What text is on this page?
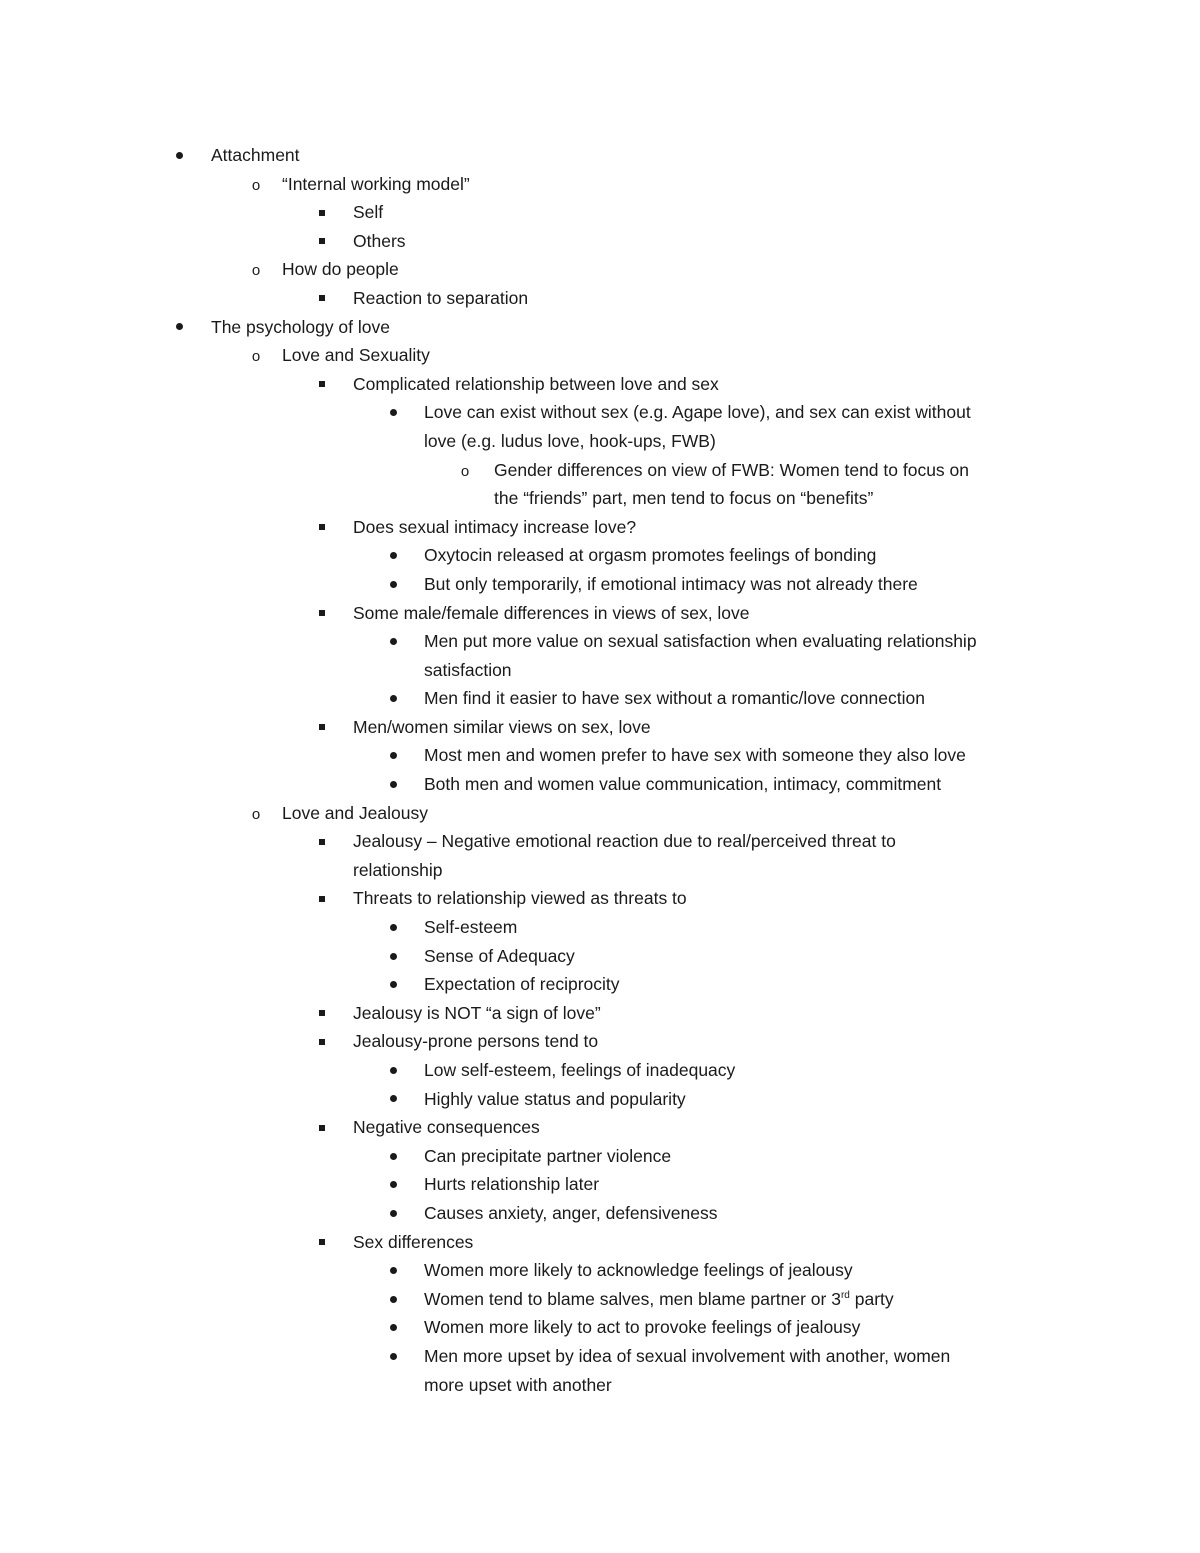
Attachment
o
“Internal working model”
Self
Others
o
How do people
Reaction to separation
The psychology of love
o
Love and Sexuality
Complicated relationship between love and sex
Love can exist without sex (e.g. Agape love), and sex can exist without
love (e.g. ludus love, hook-ups, FWB)
o
Gender differences on view of FWB: Women tend to focus on
the “friends” part, men tend to focus on “benefits”
Does sexual intimacy increase love?
Oxytocin released at orgasm promotes feelings of bonding
But only temporarily, if emotional intimacy was not already there
Some male/female differences in views of sex, love
Men put more value on sexual satisfaction when evaluating relationship
satisfaction
Men find it easier to have sex without a romantic/love connection
Men/women similar views on sex, love
Most men and women prefer to have sex with someone they also love
Both men and women value communication, intimacy, commitment
o
Love and Jealousy
Jealousy – Negative emotional reaction due to real/perceived threat to
relationship
Threats to relationship viewed as threats to
Self-esteem
Sense of Adequacy
Expectation of reciprocity
Jealousy is NOT “a sign of love”
Jealousy-prone persons tend to
Low self-esteem, feelings of inadequacy
Highly value status and popularity
Negative consequences
Can precipitate partner violence
Hurts relationship later
Causes anxiety, anger, defensiveness
Sex differences
Women more likely to acknowledge feelings of jealousy
Women tend to blame salves, men blame partner or 3rd party
Women more likely to act to provoke feelings of jealousy
Men more upset by idea of sexual involvement with another, women
more upset with another
